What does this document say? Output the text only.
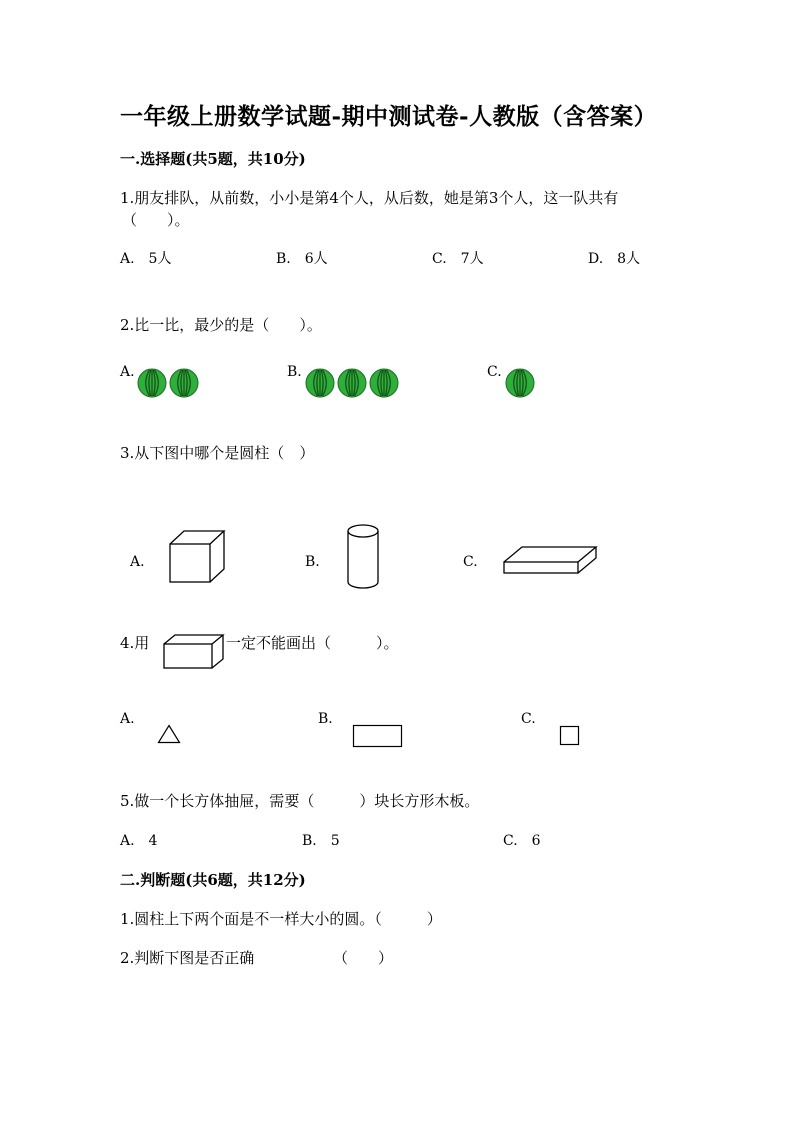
一年级上册数学试题-期中测试卷-人教版（含答案）
一.选择题(共5题，共10分)
1.朋友排队，从前数，小小是第4个人，从后数，她是第3个人，这一队共有
（　　）。
A.　5人	B.　6人	C.　7人	D.　8人
2.比一比，最少的是（　　）。
A.	B.	C.
3.从下图中哪个是圆柱（　）
A.	B.	C.
4.用	一定不能画出（　　　）。
A.	B.	C.
5.做一个长方体抽屉，需要（　　　）块长方形木板。
A.　4	B.　5	C.　6
二.判断题(共6题，共12分)
1.圆柱上下两个面是不一样大小的圆。（　　　）
2.判断下图是否正确	（　　）
